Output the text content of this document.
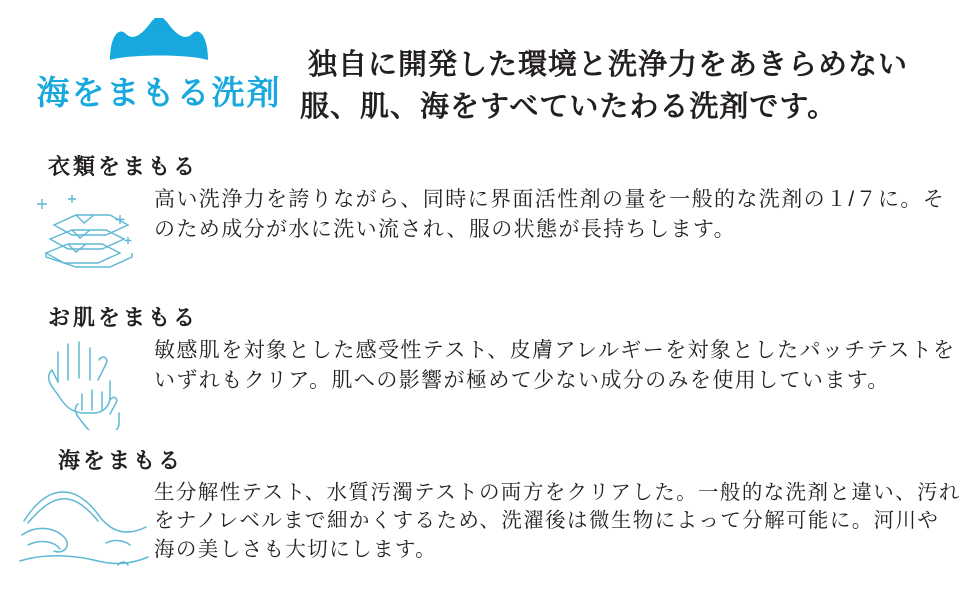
海をまもる洗剤
独自に開発した環境と洗浄力をあきらめない
服、肌、海をすべていたわる洗剤です。
衣類をまもる

高い洗浄力を誇りながら、同時に界面活性剤の量を一般的な洗剤の１/７に。そのため成分が水に洗い流され、服の状態が長持ちします。

お肌をまもる

敏感肌を対象とした感受性テスト、皮膚アレルギーを対象としたパッチテストをいずれもクリア。肌への影響が極めて少ない成分のみを使用しています。

海をまもる

生分解性テスト、水質汚濁テストの両方をクリアした。一般的な洗剤と違い、汚れをナノレベルまで細かくするため、洗濯後は微生物によって分解可能に。河川や海の美しさも大切にします。
